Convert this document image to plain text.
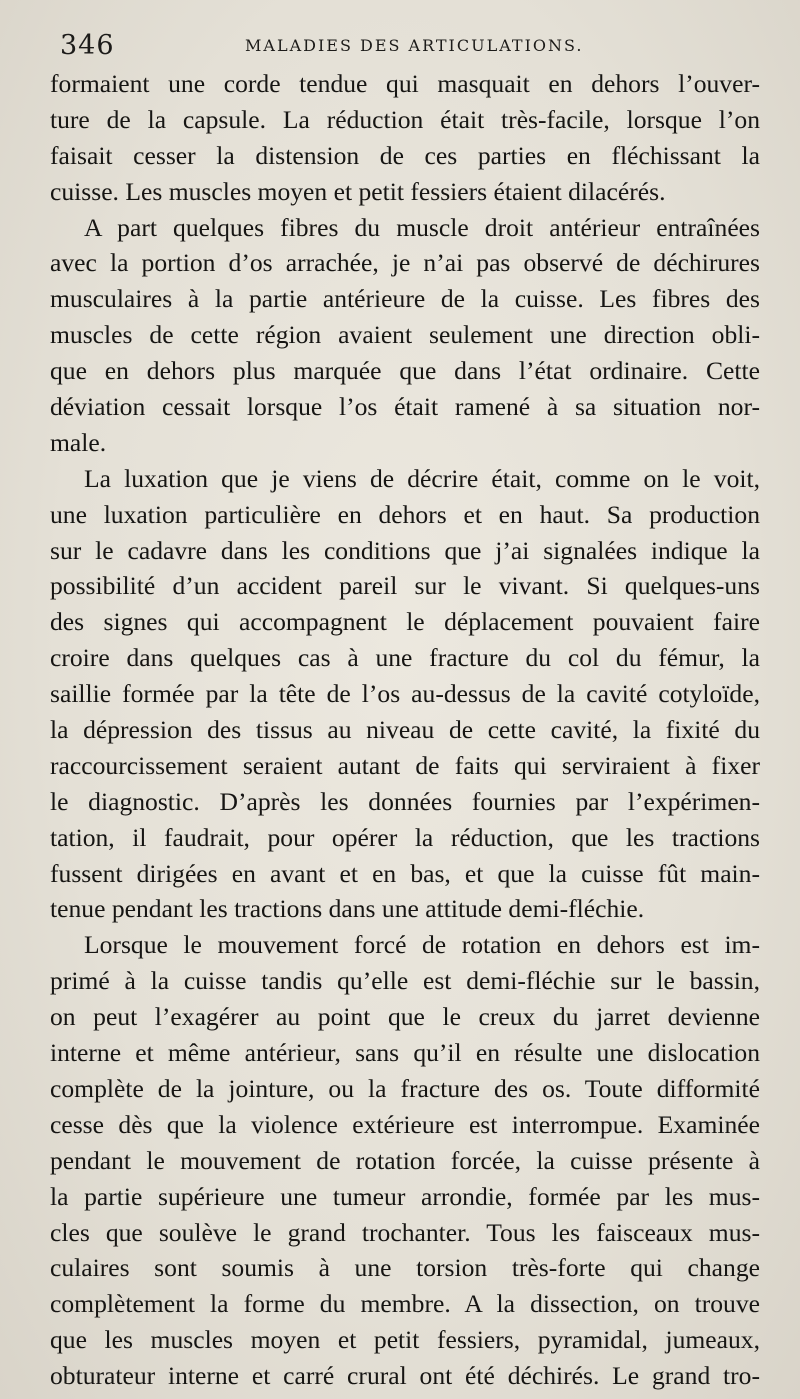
346	MALADIES DES ARTICULATIONS.
formaient une corde tendue qui masquait en dehors l’ouver-
ture de la capsule. La réduction était très-facile, lorsque l’on
faisait cesser la distension de ces parties en fléchissant la
cuisse. Les muscles moyen et petit fessiers étaient dilacérés.
A part quelques fibres du muscle droit antérieur entraînées
avec la portion d’os arrachée, je n’ai pas observé de déchirures
musculaires à la partie antérieure de la cuisse. Les fibres des
muscles de cette région avaient seulement une direction obli-
que en dehors plus marquée que dans l’état ordinaire. Cette
déviation cessait lorsque l’os était ramené à sa situation nor-
male.
La luxation que je viens de décrire était, comme on le voit,
une luxation particulière en dehors et en haut. Sa production
sur le cadavre dans les conditions que j’ai signalées indique la
possibilité d’un accident pareil sur le vivant. Si quelques-uns
des signes qui accompagnent le déplacement pouvaient faire
croire dans quelques cas à une fracture du col du fémur, la
saillie formée par la tête de l’os au-dessus de la cavité cotyloïde,
la dépression des tissus au niveau de cette cavité, la fixité du
raccourcissement seraient autant de faits qui serviraient à fixer
le diagnostic. D’après les données fournies par l’expérimen-
tation, il faudrait, pour opérer la réduction, que les tractions
fussent dirigées en avant et en bas, et que la cuisse fût main-
tenue pendant les tractions dans une attitude demi-fléchie.
Lorsque le mouvement forcé de rotation en dehors est im-
primé à la cuisse tandis qu’elle est demi-fléchie sur le bassin,
on peut l’exagérer au point que le creux du jarret devienne
interne et même antérieur, sans qu’il en résulte une dislocation
complète de la jointure, ou la fracture des os. Toute difformité
cesse dès que la violence extérieure est interrompue. Examinée
pendant le mouvement de rotation forcée, la cuisse présente à
la partie supérieure une tumeur arrondie, formée par les mus-
cles que soulève le grand trochanter. Tous les faisceaux mus-
culaires sont soumis à une torsion très-forte qui change
complètement la forme du membre. A la dissection, on trouve
que les muscles moyen et petit fessiers, pyramidal, jumeaux,
obturateur interne et carré crural ont été déchirés. Le grand tro-
